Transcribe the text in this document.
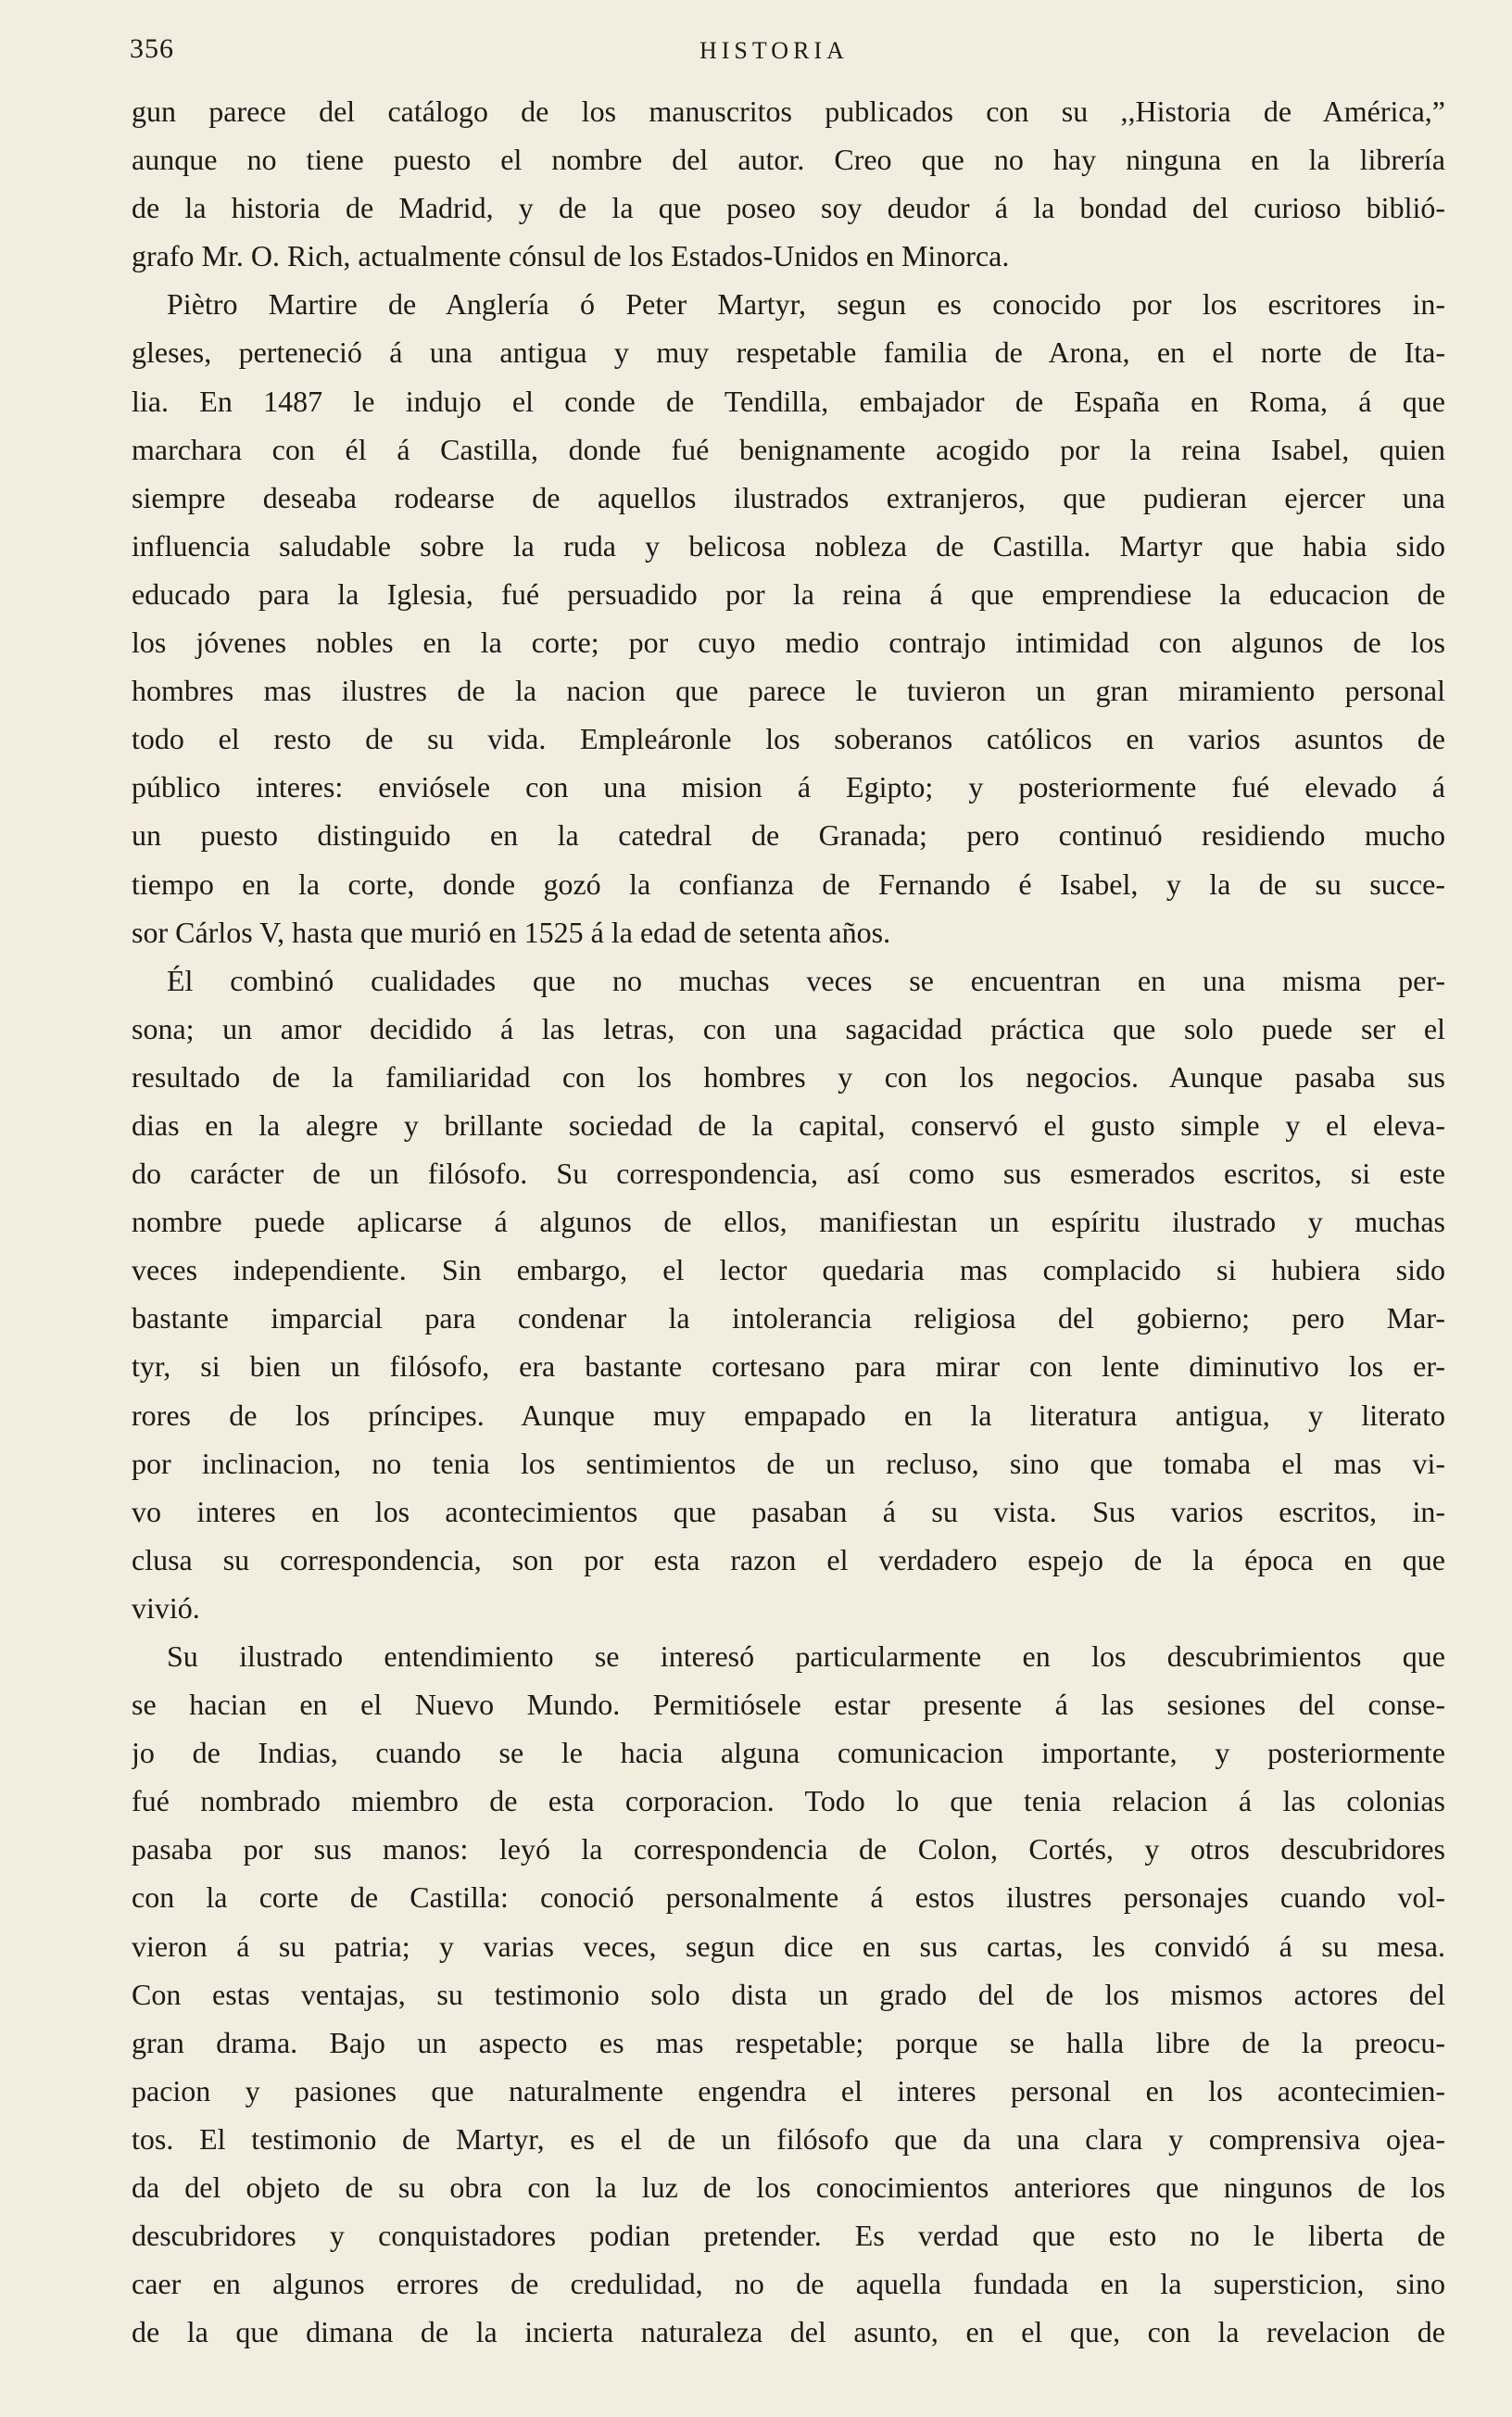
356	HISTORIA
gun parece del catálogo de los manuscritos publicados con su ,,Historia de América,”
aunque no tiene puesto el nombre del autor. Creo que no hay ninguna en la librería
de la historia de Madrid, y de la que poseo soy deudor á la bondad del curioso biblió-
grafo Mr. O. Rich, actualmente cónsul de los Estados-Unidos en Minorca.
Piètro Martire de Anglería ó Peter Martyr, segun es conocido por los escritores in-
gleses, perteneció á una antigua y muy respetable familia de Arona, en el norte de Ita-
lia. En 1487 le indujo el conde de Tendilla, embajador de España en Roma, á que
marchara con él á Castilla, donde fué benignamente acogido por la reina Isabel, quien
siempre deseaba rodearse de aquellos ilustrados extranjeros, que pudieran ejercer una
influencia saludable sobre la ruda y belicosa nobleza de Castilla. Martyr que habia sido
educado para la Iglesia, fué persuadido por la reina á que emprendiese la educacion de
los jóvenes nobles en la corte; por cuyo medio contrajo intimidad con algunos de los
hombres mas ilustres de la nacion que parece le tuvieron un gran miramiento personal
todo el resto de su vida. Empleáronle los soberanos católicos en varios asuntos de
público interes: enviósele con una mision á Egipto; y posteriormente fué elevado á
un puesto distinguido en la catedral de Granada; pero continuó residiendo mucho
tiempo en la corte, donde gozó la confianza de Fernando é Isabel, y la de su succe-
sor Cárlos V, hasta que murió en 1525 á la edad de setenta años.
Él combinó cualidades que no muchas veces se encuentran en una misma per-
sona; un amor decidido á las letras, con una sagacidad práctica que solo puede ser el
resultado de la familiaridad con los hombres y con los negocios. Aunque pasaba sus
dias en la alegre y brillante sociedad de la capital, conservó el gusto simple y el eleva-
do carácter de un filósofo. Su correspondencia, así como sus esmerados escritos, si este
nombre puede aplicarse á algunos de ellos, manifiestan un espíritu ilustrado y muchas
veces independiente. Sin embargo, el lector quedaria mas complacido si hubiera sido
bastante imparcial para condenar la intolerancia religiosa del gobierno; pero Mar-
tyr, si bien un filósofo, era bastante cortesano para mirar con lente diminutivo los er-
rores de los príncipes. Aunque muy empapado en la literatura antigua, y literato
por inclinacion, no tenia los sentimientos de un recluso, sino que tomaba el mas vi-
vo interes en los acontecimientos que pasaban á su vista. Sus varios escritos, in-
clusa su correspondencia, son por esta razon el verdadero espejo de la época en que
vivió.
Su ilustrado entendimiento se interesó particularmente en los descubrimientos que
se hacian en el Nuevo Mundo. Permitiósele estar presente á las sesiones del conse-
jo de Indias, cuando se le hacia alguna comunicacion importante, y posteriormente
fué nombrado miembro de esta corporacion. Todo lo que tenia relacion á las colonias
pasaba por sus manos: leyó la correspondencia de Colon, Cortés, y otros descubridores
con la corte de Castilla: conoció personalmente á estos ilustres personajes cuando vol-
vieron á su patria; y varias veces, segun dice en sus cartas, les convidó á su mesa.
Con estas ventajas, su testimonio solo dista un grado del de los mismos actores del
gran drama. Bajo un aspecto es mas respetable; porque se halla libre de la preocu-
pacion y pasiones que naturalmente engendra el interes personal en los acontecimien-
tos. El testimonio de Martyr, es el de un filósofo que da una clara y comprensiva ojea-
da del objeto de su obra con la luz de los conocimientos anteriores que ningunos de los
descubridores y conquistadores podian pretender. Es verdad que esto no le liberta de
caer en algunos errores de credulidad, no de aquella fundada en la supersticion, sino
de la que dimana de la incierta naturaleza del asunto, en el que, con la revelacion de
